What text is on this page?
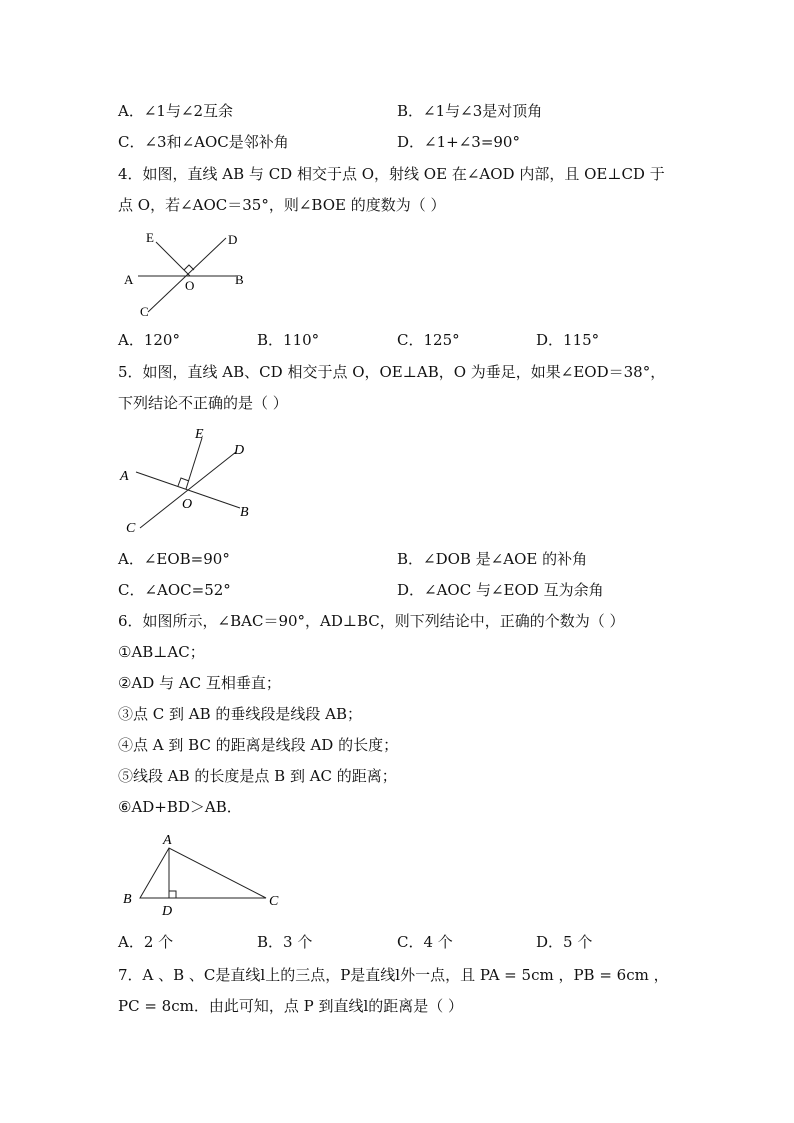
A．∠1与∠2互余	B．∠1与∠3是对顶角
C．∠3和∠AOC是邻补角	D．∠1+∠3=90°
4．如图，直线 AB 与 CD 相交于点 O，射线 OE 在∠AOD 内部，且 OE⊥CD 于
点 O，若∠AOC＝35°，则∠BOE 的度数为（ ）
E	D
A	O	B
C
A．120°	B．110°	C．125°	D．115°
5．如图，直线 AB、CD 相交于点 O，OE⊥AB，O 为垂足，如果∠EOD＝38°，
下列结论不正确的是（ ）
E
D
A
O
B
C
A．∠EOB=90°	B．∠DOB 是∠AOE 的补角
C．∠AOC=52°	D．∠AOC 与∠EOD 互为余角
6．如图所示，∠BAC＝90°，AD⊥BC，则下列结论中，正确的个数为（ ）
①AB⊥AC；
②AD 与 AC 互相垂直；
③点 C 到 AB 的垂线段是线段 AB；
④点 A 到 BC 的距离是线段 AD 的长度；
⑤线段 AB 的长度是点 B 到 AC 的距离；
⑥AD+BD＞AB．
A
B
D
C
A．2 个	B．3 个	C．4 个	D．5 个
7．A 、B 、C是直线l上的三点，P是直线l外一点，且 PA = 5cm ，PB = 6cm ，
PC = 8cm．由此可知，点 P 到直线l的距离是（ ）
